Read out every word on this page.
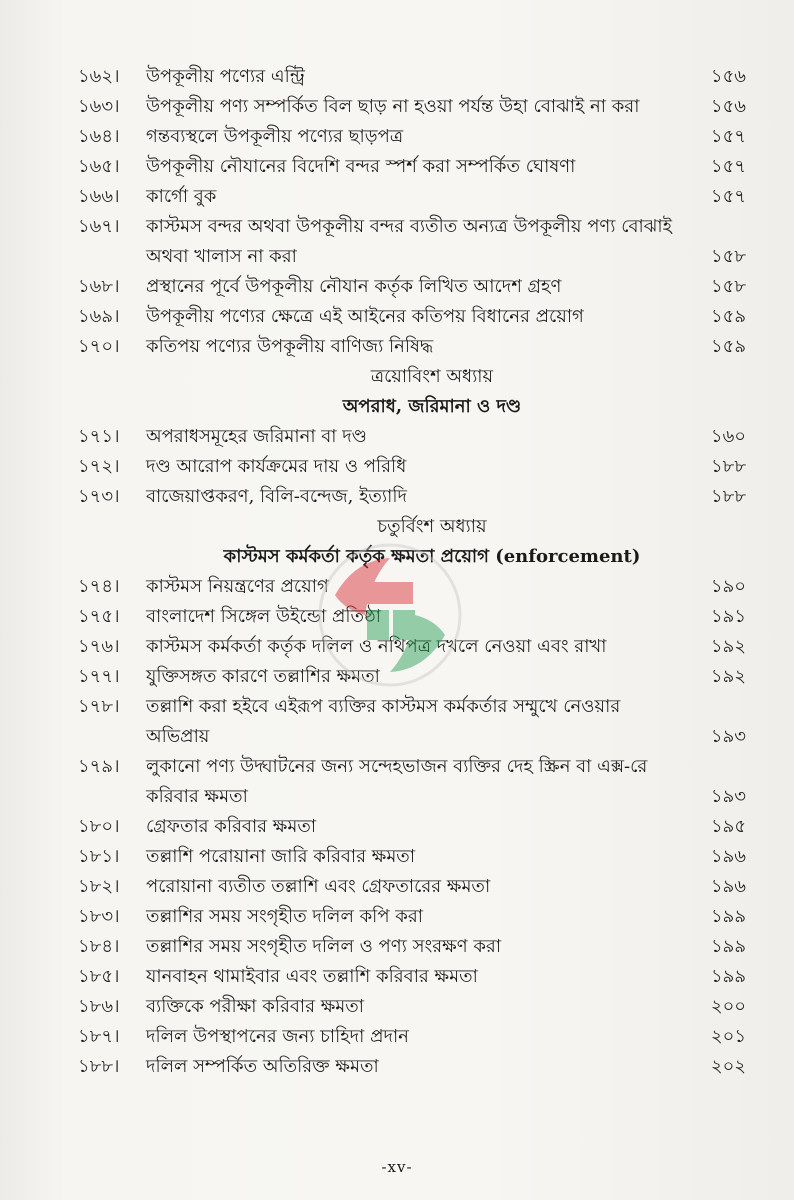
১৬২।	উপকূলীয় পণ্যের এন্ট্রি	১৫৬
১৬৩।	উপকূলীয় পণ্য সম্পর্কিত বিল ছাড় না হওয়া পর্যন্ত উহা বোঝাই না করা	১৫৬
১৬৪।	গন্তব্যস্থলে উপকূলীয় পণ্যের ছাড়পত্র	১৫৭
১৬৫।	উপকূলীয় নৌযানের বিদেশি বন্দর স্পর্শ করা সম্পর্কিত ঘোষণা	১৫৭
১৬৬।	কার্গো বুক	১৫৭
১৬৭।	কাস্টমস বন্দর অথবা উপকূলীয় বন্দর ব্যতীত অন্যত্র উপকূলীয় পণ্য বোঝাই অথবা খালাস না করা	১৫৮
১৬৮।	প্রস্থানের পূর্বে উপকূলীয় নৌযান কর্তৃক লিখিত আদেশ গ্রহণ	১৫৮
১৬৯।	উপকূলীয় পণ্যের ক্ষেত্রে এই আইনের কতিপয় বিধানের প্রয়োগ	১৫৯
১৭০।	কতিপয় পণ্যের উপকূলীয় বাণিজ্য নিষিদ্ধ	১৫৯
ত্রয়োবিংশ অধ্যায়
অপরাধ, জরিমানা ও দণ্ড
১৭১।	অপরাধসমূহের জরিমানা বা দণ্ড	১৬০
১৭২।	দণ্ড আরোপ কার্যক্রমের দায় ও পরিধি	১৮৮
১৭৩।	বাজেয়াপ্তকরণ, বিলি-বন্দেজ, ইত্যাদি	১৮৮
চতুর্বিংশ অধ্যায়
কাস্টমস কর্মকর্তা কর্তৃক ক্ষমতা প্রয়োগ (enforcement)
১৭৪।	কাস্টমস নিয়ন্ত্রণের প্রয়োগ	১৯০
১৭৫।	বাংলাদেশ সিঙ্গেল উইন্ডো প্রতিষ্ঠা	১৯১
১৭৬।	কাস্টমস কর্মকর্তা কর্তৃক দলিল ও নথিপত্র দখলে নেওয়া এবং রাখা	১৯২
১৭৭।	যুক্তিসঙ্গত কারণে তল্লাশির ক্ষমতা	১৯২
১৭৮।	তল্লাশি করা হইবে এইরূপ ব্যক্তির কাস্টমস কর্মকর্তার সম্মুখে নেওয়ার অভিপ্রায়	১৯৩
১৭৯।	লুকানো পণ্য উদ্ঘাটনের জন্য সন্দেহভাজন ব্যক্তির দেহ স্ক্রিন বা এক্স-রে করিবার ক্ষমতা	১৯৩
১৮০।	গ্রেফতার করিবার ক্ষমতা	১৯৫
১৮১।	তল্লাশি পরোয়ানা জারি করিবার ক্ষমতা	১৯৬
১৮২।	পরোয়ানা ব্যতীত তল্লাশি এবং গ্রেফতারের ক্ষমতা	১৯৬
১৮৩।	তল্লাশির সময় সংগৃহীত দলিল কপি করা	১৯৯
১৮৪।	তল্লাশির সময় সংগৃহীত দলিল ও পণ্য সংরক্ষণ করা	১৯৯
১৮৫।	যানবাহন থামাইবার এবং তল্লাশি করিবার ক্ষমতা	১৯৯
১৮৬।	ব্যক্তিকে পরীক্ষা করিবার ক্ষমতা	২০০
১৮৭।	দলিল উপস্থাপনের জন্য চাহিদা প্রদান	২০১
১৮৮।	দলিল সম্পর্কিত অতিরিক্ত ক্ষমতা	২০২
-xv-
